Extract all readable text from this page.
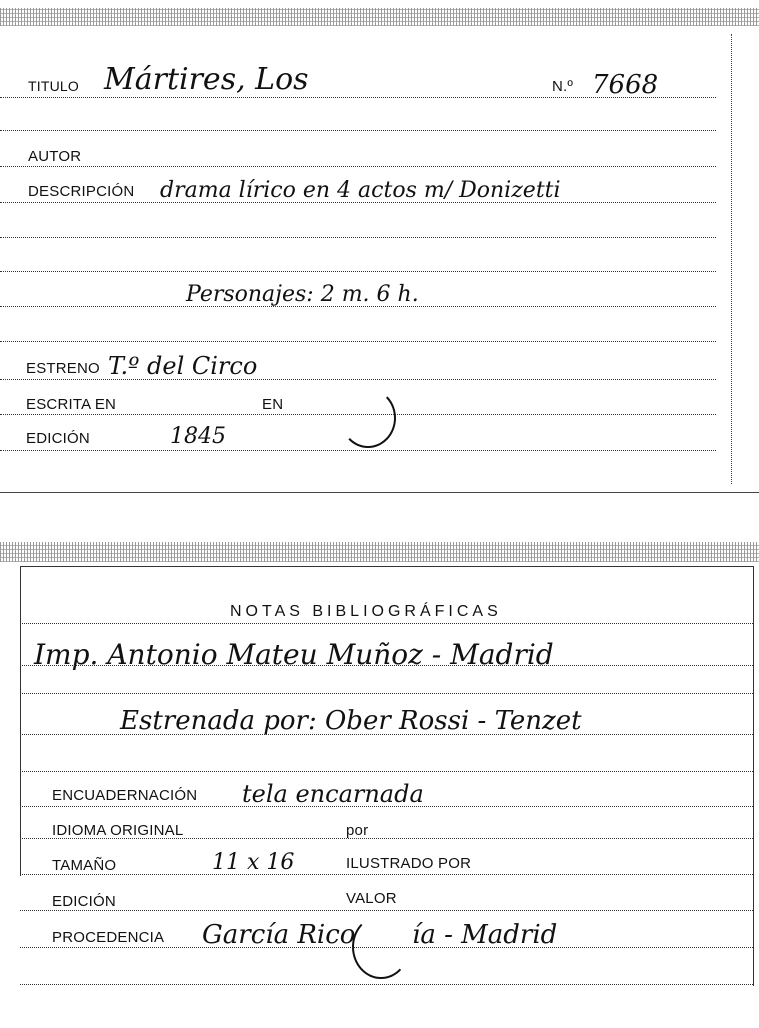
TITULO Mártires, Los	N.º 7668
AUTOR
DESCRIPCIÓN drama lírico en 4 actos m/ Donizetti
Personajes: 2 m. 6 h.
ESTRENO T.º del Circo
ESCRITA EN	EN
EDICIÓN	1845
NOTAS BIBLIOGRÁFICAS
Imp. Antonio Mateu Muñoz - Madrid
Estrenada por: Ober Rossi - Tenzet
ENCUADERNACIÓN tela encarnada
IDIOMA ORIGINAL	por
TAMAÑO	11 x 16	ILUSTRADO POR
EDICIÓN	VALOR
PROCEDENCIA García Rico ía - Madrid
